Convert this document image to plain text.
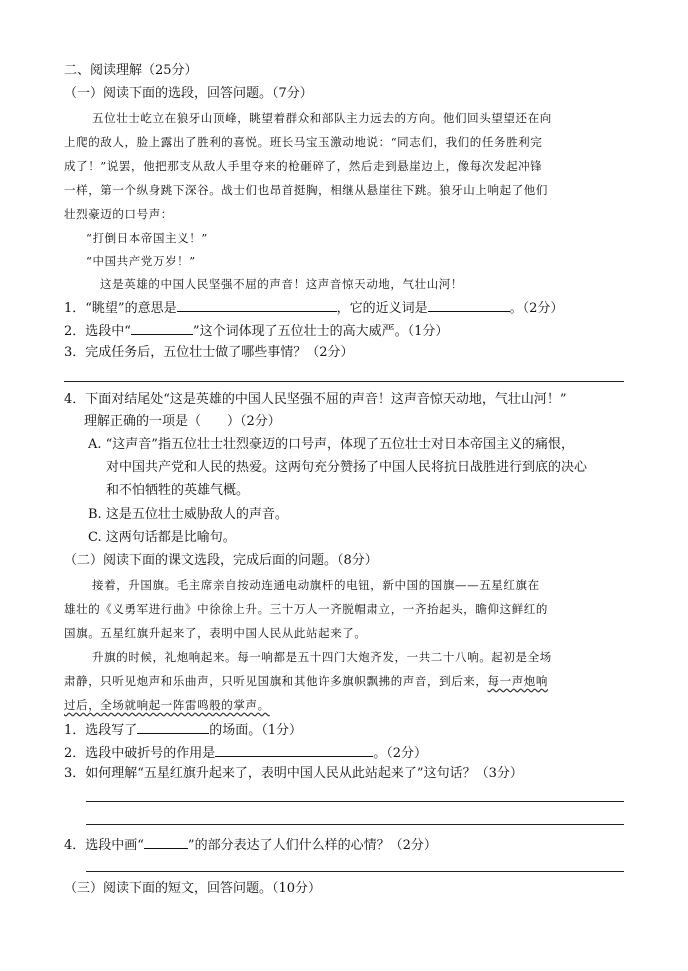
二、阅读理解（25分）
（一）阅读下面的选段，回答问题。（7分）
五位壮士屹立在狼牙山顶峰，眺望着群众和部队主力远去的方向。他们回头望望还在向
上爬的敌人，脸上露出了胜利的喜悦。班长马宝玉激动地说：“同志们，我们的任务胜利完
成了！”说罢，他把那支从敌人手里夺来的枪砸碎了，然后走到悬崖边上，像每次发起冲锋
一样，第一个纵身跳下深谷。战士们也昂首挺胸，相继从悬崖往下跳。狼牙山上响起了他们
壮烈豪迈的口号声：
“打倒日本帝国主义！”
“中国共产党万岁！”
这是英雄的中国人民坚强不屈的声音！这声音惊天动地，气壮山河！
1．“眺望”的意思是	，它的近义词是	。（2分）
2．选段中“	”这个词体现了五位壮士的高大威严。（1分）
3．完成任务后，五位壮士做了哪些事情？（2分）
4．下面对结尾处“这是英雄的中国人民坚强不屈的声音！这声音惊天动地，气壮山河！”
理解正确的一项是（　　）（2分）
A. “这声音”指五位壮士壮烈豪迈的口号声，体现了五位壮士对日本帝国主义的痛恨，
对中国共产党和人民的热爱。这两句充分赞扬了中国人民将抗日战胜进行到底的决心
和不怕牺牲的英雄气概。
B. 这是五位壮士威胁敌人的声音。
C. 这两句话都是比喻句。
（二）阅读下面的课文选段，完成后面的问题。（8分）
接着，升国旗。毛主席亲自按动连通电动旗杆的电钮，新中国的国旗——五星红旗在
雄壮的《义勇军进行曲》中徐徐上升。三十万人一齐脱帽肃立，一齐抬起头，瞻仰这鲜红的
国旗。五星红旗升起来了，表明中国人民从此站起来了。
升旗的时候，礼炮响起来。每一响都是五十四门大炮齐发，一共二十八响。起初是全场
肃静，只听见炮声和乐曲声，只听见国旗和其他许多旗帜飘拂的声音，到后来，每一声炮响
过后，全场就响起一阵雷鸣般的掌声。
1．选段写了	的场面。（1分）
2．选段中破折号的作用是	。（2分）
3．如何理解“五星红旗升起来了，表明中国人民从此站起来了”这句话？（3分）
4．选段中画“	”的部分表达了人们什么样的心情？（2分）
（三）阅读下面的短文，回答问题。（10分）
